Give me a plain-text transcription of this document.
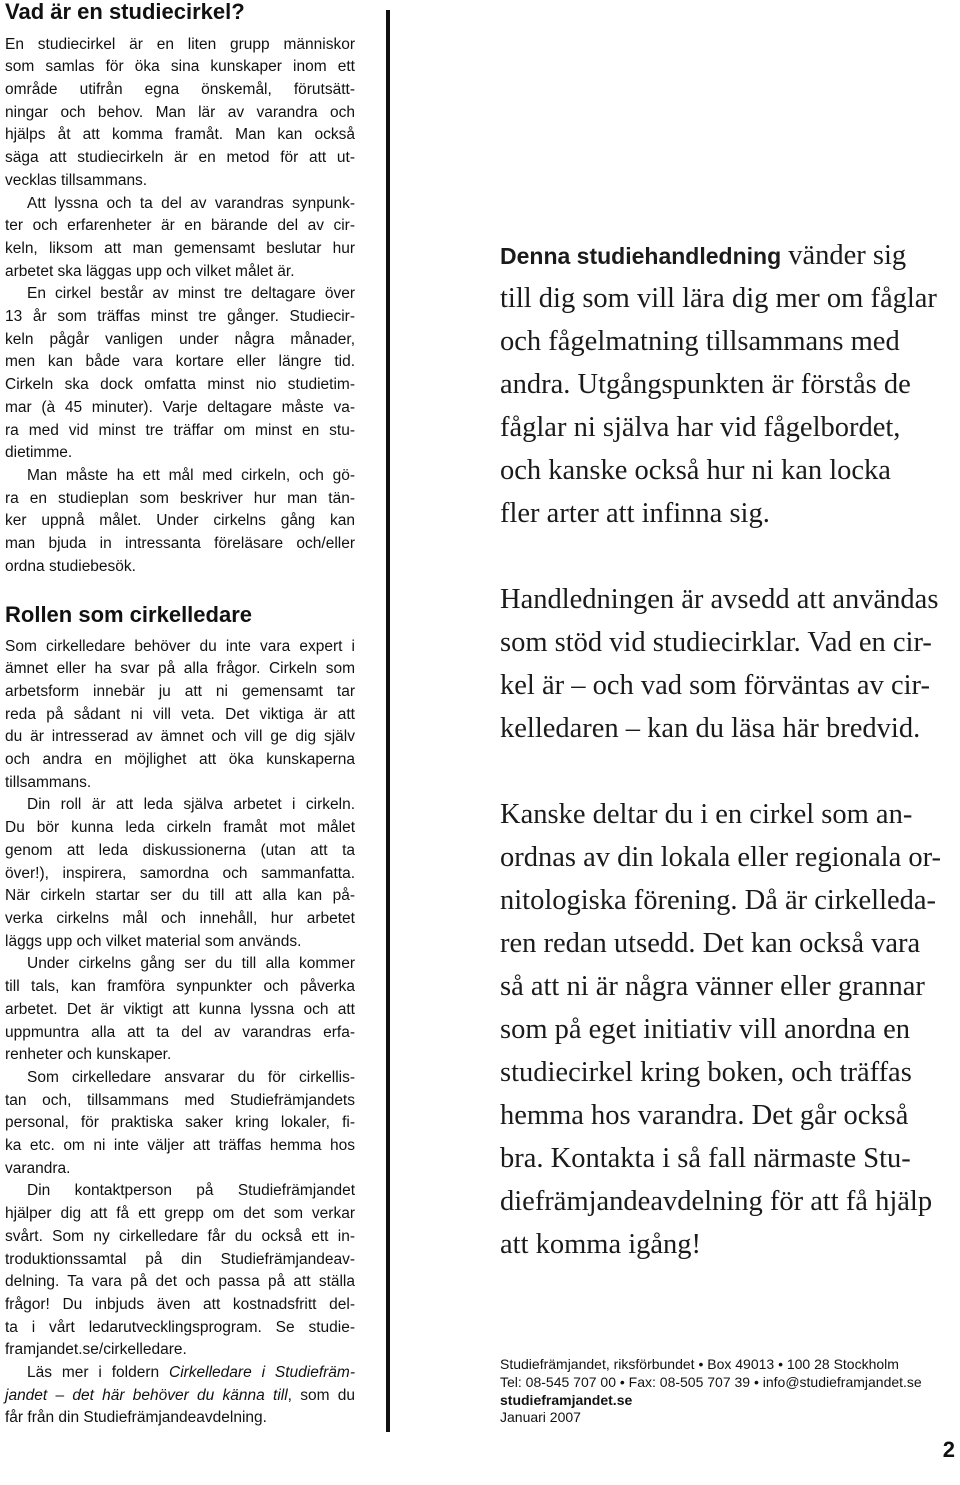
Vad är en studiecirkel?
En studiecirkel är en liten grupp människor
som samlas för öka sina kunskaper inom ett
område utifrån egna önskemål, förutsätt-
ningar och behov. Man lär av varandra och
hjälps åt att komma framåt. Man kan också
säga att studiecirkeln är en metod för att ut-
vecklas tillsammans.
Att lyssna och ta del av varandras synpunk-
ter och erfarenheter är en bärande del av cir-
keln, liksom att man gemensamt beslutar hur
arbetet ska läggas upp och vilket målet är.
En cirkel består av minst tre deltagare över
13 år som träffas minst tre gånger. Studiecir-
keln pågår vanligen under några månader,
men kan både vara kortare eller längre tid.
Cirkeln ska dock omfatta minst nio studietim-
mar (à 45 minuter). Varje deltagare måste va-
ra med vid minst tre träffar om minst en stu-
dietimme.
Man måste ha ett mål med cirkeln, och gö-
ra en studieplan som beskriver hur man tän-
ker uppnå målet. Under cirkelns gång kan
man bjuda in intressanta föreläsare och/eller
ordna studiebesök.
Rollen som cirkelledare
Som cirkelledare behöver du inte vara expert i
ämnet eller ha svar på alla frågor. Cirkeln som
arbetsform innebär ju att ni gemensamt tar
reda på sådant ni vill veta. Det viktiga är att
du är intresserad av ämnet och vill ge dig själv
och andra en möjlighet att öka kunskaperna
tillsammans.
Din roll är att leda själva arbetet i cirkeln.
Du bör kunna leda cirkeln framåt mot målet
genom att leda diskussionerna (utan att ta
över!), inspirera, samordna och sammanfatta.
När cirkeln startar ser du till att alla kan på-
verka cirkelns mål och innehåll, hur arbetet
läggs upp och vilket material som används.
Under cirkelns gång ser du till alla kommer
till tals, kan framföra synpunkter och påverka
arbetet. Det är viktigt att kunna lyssna och att
uppmuntra alla att ta del av varandras erfa-
renheter och kunskaper.
Som cirkelledare ansvarar du för cirkellis-
tan och, tillsammans med Studiefrämjandets
personal, för praktiska saker kring lokaler, fi-
ka etc. om ni inte väljer att träffas hemma hos
varandra.
Din kontaktperson på Studiefrämjandet
hjälper dig att få ett grepp om det som verkar
svårt. Som ny cirkelledare får du också ett in-
troduktionssamtal på din Studiefrämjandeav-
delning. Ta vara på det och passa på att ställa
frågor! Du inbjuds även att kostnadsfritt del-
ta i vårt ledarutvecklingsprogram. Se studie-
framjandet.se/cirkelledare.
Läs mer i foldern Cirkelledare i Studiefräm-
jandet – det här behöver du känna till, som du
får från din Studiefrämjandeavdelning.
Denna studiehandledning vänder sig
till dig som vill lära dig mer om fåglar
och fågelmatning tillsammans med
andra. Utgångspunkten är förstås de
fåglar ni själva har vid fågelbordet,
och kanske också hur ni kan locka
fler arter att infinna sig.
Handledningen är avsedd att användas
som stöd vid studiecirklar. Vad en cir-
kel är – och vad som förväntas av cir-
kelledaren – kan du läsa här bredvid.
Kanske deltar du i en cirkel som an-
ordnas av din lokala eller regionala or-
nitologiska förening. Då är cirkelleda-
ren redan utsedd. Det kan också vara
så att ni är några vänner eller grannar
som på eget initiativ vill anordna en
studiecirkel kring boken, och träffas
hemma hos varandra. Det går också
bra. Kontakta i så fall närmaste Stu-
diefrämjandeavdelning för att få hjälp
att komma igång!
Studiefrämjandet, riksförbundet • Box 49013 • 100 28 Stockholm
Tel: 08-545 707 00 • Fax: 08-505 707 39 • info@studieframjandet.se
studieframjandet.se
Januari 2007
2
